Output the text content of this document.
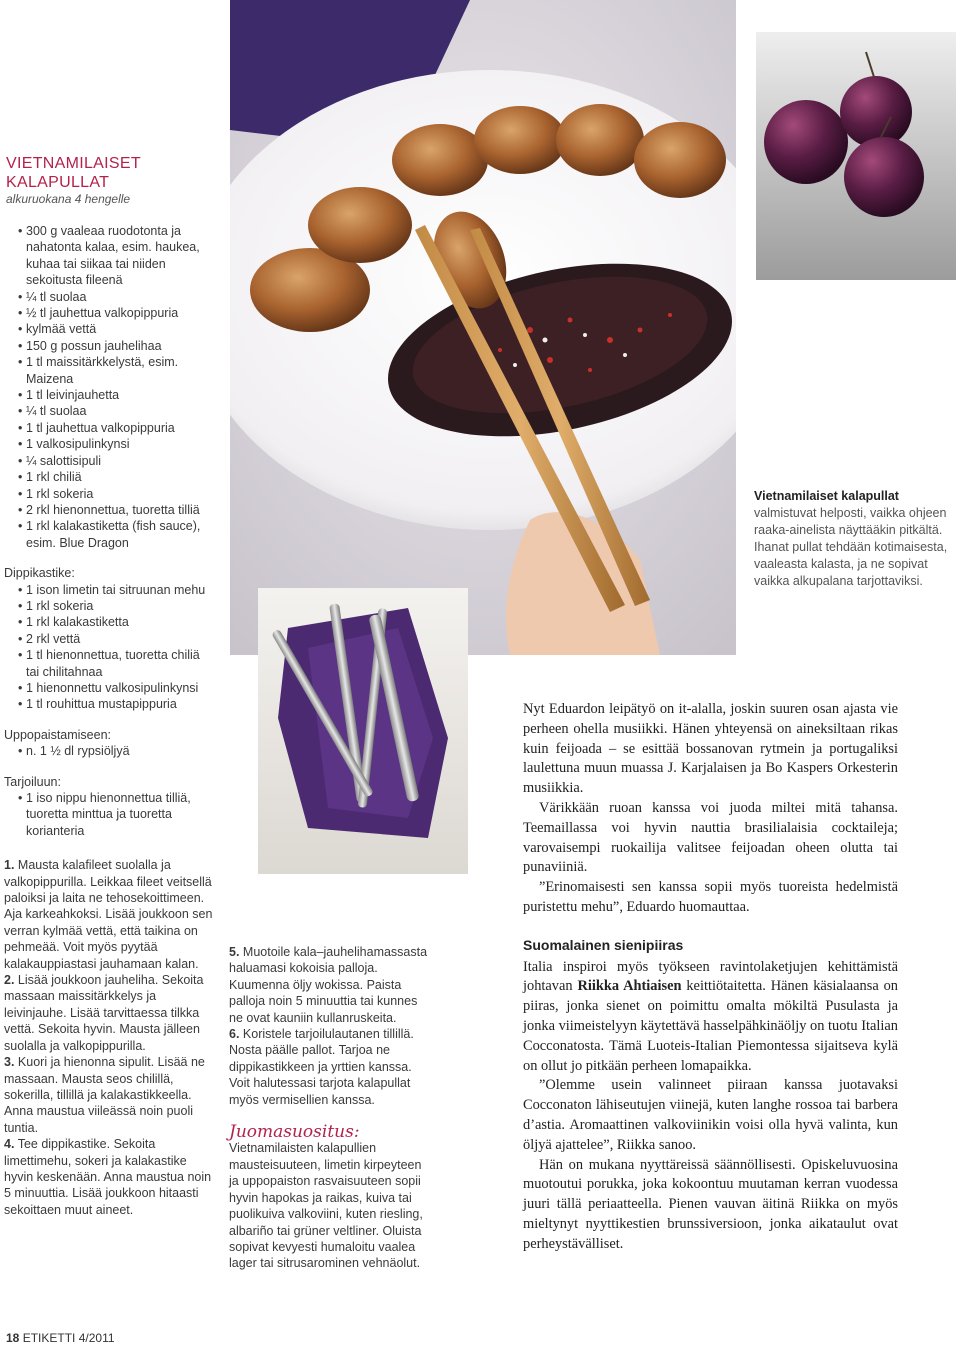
VIETNAMILAISET
KALAPULLAT
alkuruokana 4 hengelle
• 300 g vaaleaa ruodotonta ja nahatonta kalaa, esim. haukea, kuhaa tai siikaa tai niiden sekoitusta fileenä
• ¼ tl suolaa
• ½ tl jauhettua valkopippuria
• kylmää vettä
• 150 g possun jauhelihaa
• 1 tl maissitärkkelystä, esim. Maizena
• 1 tl leivinjauhetta
• ¼ tl suolaa
• 1 tl jauhettua valkopippuria
• 1 valkosipulinkynsi
• ¼ salottisipuli
• 1 rkl chiliä
• 1 rkl sokeria
• 2 rkl hienonnettua, tuoretta tilliä
• 1 rkl kalakastiketta (fish sauce), esim. Blue Dragon
Dippikastike:
• 1 ison limetin tai sitruunan mehu
• 1 rkl sokeria
• 1 rkl kalakastiketta
• 2 rkl vettä
• 1 tl hienonnettua, tuoretta chiliä tai chilitahnaa
• 1 hienonnettu valkosipulinkynsi
• 1 tl rouhittua mustapippuria
Uppopaistamiseen:
• n. 1 ½ dl rypsiöljyä
Tarjoiluun:
• 1 iso nippu hienonnettua tilliä, tuoretta minttua ja tuoretta korianteria

1. Mausta kalafileet suolalla ja valkopippurilla. Leikkaa fileet veitsellä paloiksi ja laita ne tehosekoittimeen. Aja karkeahkoksi. Lisää joukkoon sen verran kylmää vettä, että taikina on pehmeää. Voit myös pyytää kalakauppiastasi jauhamaan kalan.

2. Lisää joukkoon jauheliha. Sekoita massaan maissitärkkelys ja leivinjauhe. Lisää tarvittaessa tilkka vettä. Sekoita hyvin. Mausta jälleen suolalla ja valkopippurilla.

3. Kuori ja hienonna sipulit. Lisää ne massaan. Mausta seos chilillä, sokerilla, tillillä ja kalakastikkeella. Anna maustua viileässä noin puoli tuntia.

4. Tee dippikastike. Sekoita limettimehu, sokeri ja kalakastike hyvin keskenään. Anna maustua noin 5 minuuttia. Lisää joukkoon hitaasti sekoittaen muut aineet.

Vietnamilaiset kalapullat valmistuvat helposti, vaikka ohjeen raaka-ainelista näyttääkin pitkältä. Ihanat pullat tehdään kotimaisesta, vaaleasta kalasta, ja ne sopivat vaikka alkupalana tarjottaviksi.

5. Muotoile kala–jauhelihamassasta haluamasi kokoisia palloja. Kuumenna öljy wokissa. Paista palloja noin 5 minuuttia tai kunnes ne ovat kauniin kullanruskeita.

6. Koristele tarjoilulautanen tillillä. Nosta päälle pallot. Tarjoa ne dippikastikkeen ja yrttien kanssa. Voit halutessasi tarjota kalapullat myös vermisellien kanssa.

Juomasuositus:

Vietnamilaisten kalapullien mausteisuuteen, limetin kirpeyteen ja uppopaiston rasvaisuuteen sopii hyvin hapokas ja raikas, kuiva tai puolikuiva valkoviini, kuten riesling, albariño tai grüner veltliner. Oluista sopivat kevyesti humaloitu vaalea lager tai sitrusarominen vehnäolut.

Nyt Eduardon leipätyö on it-alalla, joskin suuren osan ajasta vie perheen ohella musiikki. Hänen yhteyensä on aineksiltaan rikas kuin feijoada – se esittää bossanovan rytmein ja portugaliksi laulettuna muun muassa J. Karjalaisen ja Bo Kaspers Orkesterin musiikkia.

Värikkään ruoan kanssa voi juoda miltei mitä tahansa. Teemaillassa voi hyvin nauttia brasilialaisia cocktaileja; varovaisempi ruokailija valitsee feijoadan oheen olutta tai punaviiniä.

”Erinomaisesti sen kanssa sopii myös tuoreista hedelmistä puristettu mehu”, Eduardo huomauttaa.

Suomalainen sienipiiras

Italia inspiroi myös työkseen ravintolaketjujen kehittämistä johtavan Riikka Ahtiaisen keittiötaitetta. Hänen käsialaansa on piiras, jonka sienet on poimittu omalta mökiltä Pusulasta ja jonka viimeistelyyn käytettävä hasselpähkinäöljy on tuotu Italian Cocconatosta. Tämä Luoteis-Italian Piemontessa sijaitseva kylä on ollut jo pitkään perheen lomapaikka.

”Olemme usein valinneet piiraan kanssa juotavaksi Cocconaton lähiseutujen viinejä, kuten langhe rossoa tai barbera d’astia. Aromaattinen valkoviinikin voisi olla hyvä valinta, kun öljyä ajattelee”, Riikka sanoo.

Hän on mukana nyyttäreissä säännöllisesti. Opiskeluvuosina muotoutui porukka, joka kokoontuu muutaman kerran vuodessa juuri tällä periaatteella. Pienen vauvan äitinä Riikka on myös mieltynyt nyyttikestien brunssiversioon, jonka aikataulut ovat perheystävälliset.

18 ETIKETTI 4/2011
